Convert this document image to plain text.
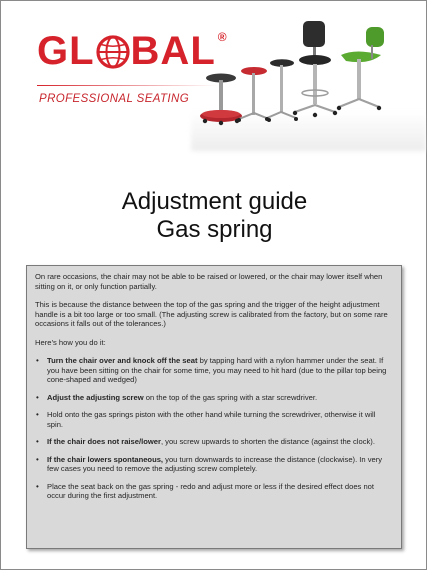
GL BAL ®
PROFESSIONAL SEATING
Adjustment guide
Gas spring

On rare occasions, the chair may not be able to be raised or lowered, or the chair may lower itself when sitting on it, or only function partially.

This is because the distance between the top of the gas spring and the trigger of the height adjustment handle is a bit too large or too small. (The adjusting screw is calibrated from the factory, but on some rare occasions it falls out of the tolerances.)

Here’s how you do it:

• Turn the chair over and knock off the seat by tapping hard with a nylon hammer under the seat. If you have been sitting on the chair for some time, you may need to hit hard (due to the pillar top being cone-shaped and wedged)
• Adjust the adjusting screw on the top of the gas spring with a star screwdriver.
• Hold onto the gas springs piston with the other hand while turning the screwdriver, otherwise it will spin.
• If the chair does not raise/lower, you screw upwards to shorten the distance (against the clock).
• If the chair lowers spontaneous, you turn downwards to increase the distance (clockwise). In very few cases you need to remove the adjusting screw completely.
• Place the seat back on the gas spring - redo and adjust more or less if the desired effect does not occur during the first adjustment.
